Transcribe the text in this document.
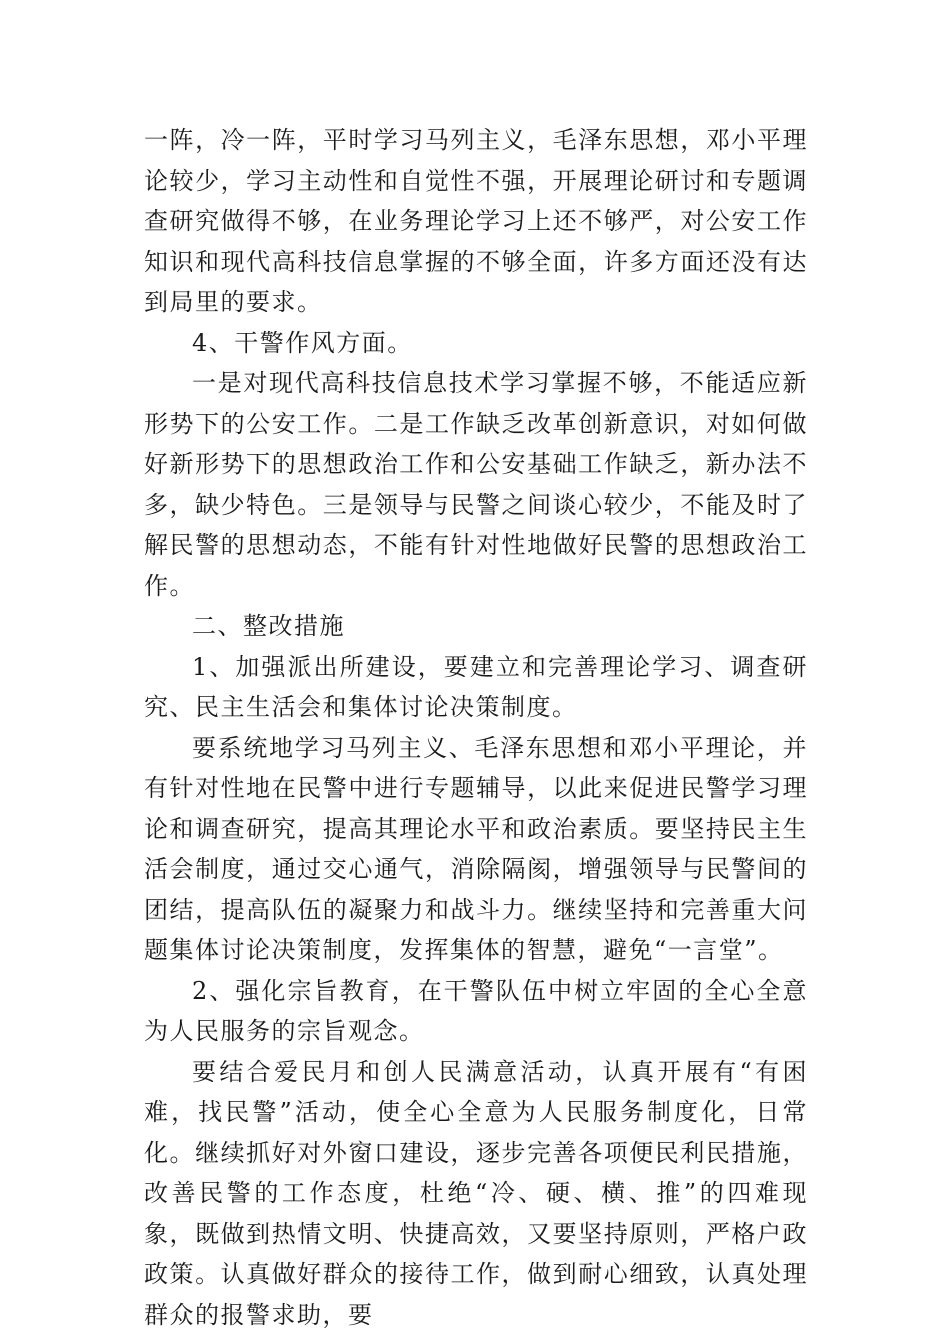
一阵，冷一阵，平时学习马列主义，毛泽东思想，邓小平理论较少，学习主动性和自觉性不强，开展理论研讨和专题调查研究做得不够，在业务理论学习上还不够严，对公安工作知识和现代高科技信息掌握的不够全面，许多方面还没有达到局里的要求。

4、干警作风方面。

一是对现代高科技信息技术学习掌握不够，不能适应新形势下的公安工作。二是工作缺乏改革创新意识，对如何做好新形势下的思想政治工作和公安基础工作缺乏，新办法不多，缺少特色。三是领导与民警之间谈心较少，不能及时了解民警的思想动态，不能有针对性地做好民警的思想政治工作。

二、整改措施

1、加强派出所建设，要建立和完善理论学习、调查研究、民主生活会和集体讨论决策制度。

要系统地学习马列主义、毛泽东思想和邓小平理论，并有针对性地在民警中进行专题辅导，以此来促进民警学习理论和调查研究，提高其理论水平和政治素质。要坚持民主生活会制度，通过交心通气，消除隔阂，增强领导与民警间的团结，提高队伍的凝聚力和战斗力。继续坚持和完善重大问题集体讨论决策制度，发挥集体的智慧，避免“一言堂”。

2、强化宗旨教育，在干警队伍中树立牢固的全心全意为人民服务的宗旨观念。

要结合爱民月和创人民满意活动，认真开展有“有困难，找民警”活动，使全心全意为人民服务制度化，日常化。继续抓好对外窗口建设，逐步完善各项便民利民措施，改善民警的工作态度，杜绝“冷、硬、横、推”的四难现象，既做到热情文明、快捷高效，又要坚持原则，严格户政政策。认真做好群众的接待工作，做到耐心细致，认真处理群众的报警求助，要
